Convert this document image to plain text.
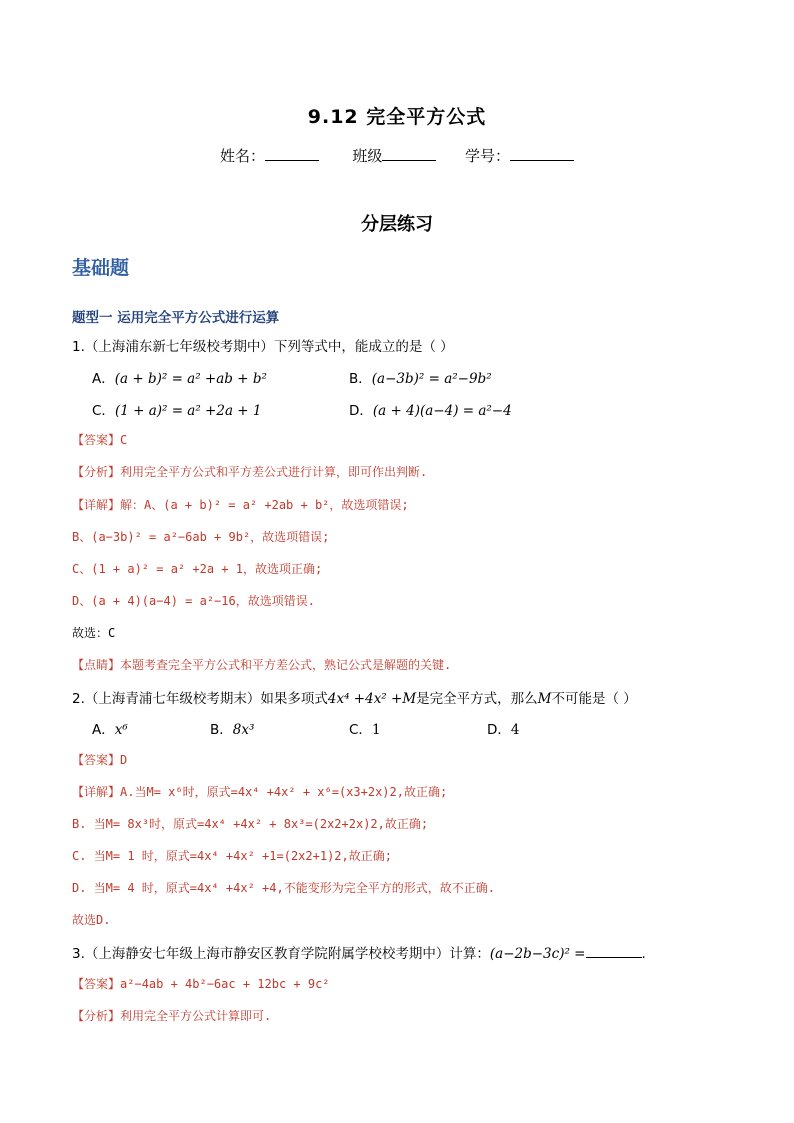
9.12 完全平方公式
姓名：	班级	学号：
分层练习
基础题
题型一 运用完全平方公式进行运算
1.（上海浦东新七年级校考期中）下列等式中，能成立的是（ ）
A．(a + b)² = a² +ab + b²	B．(a−3b)² = a²−9b²
C．(1 + a)² = a² +2a + 1	D．(a + 4)(a−4) = a²−4
【答案】C
【分析】利用完全平方公式和平方差公式进行计算，即可作出判断.
【详解】解：A、(a + b)² = a² +2ab + b²，故选项错误;
B、(a−3b)² = a²−6ab + 9b²，故选项错误;
C、(1 + a)² = a² +2a + 1，故选项正确;
D、(a + 4)(a−4) = a²−16，故选项错误.
故选：C
【点睛】本题考查完全平方公式和平方差公式，熟记公式是解题的关键.
2.（上海青浦七年级校考期末）如果多项式4x⁴ +4x² +M是完全平方式，那么M不可能是（ ）
A．x⁶	B．8x³	C．1	D．4
【答案】D
【详解】A.当M= x⁶时，原式=4x⁴ +4x² + x⁶=(x3+2x)2,故正确;
B. 当M= 8x³时，原式=4x⁴ +4x² + 8x³=(2x2+2x)2,故正确;
C. 当M= 1 时，原式=4x⁴ +4x² +1=(2x2+1)2,故正确;
D. 当M= 4 时，原式=4x⁴ +4x² +4,不能变形为完全平方的形式，故不正确.
故选D.
3.（上海静安七年级上海市静安区教育学院附属学校校考期中）计算：(a−2b−3c)² =	.
【答案】a²−4ab + 4b²−6ac + 12bc + 9c²
【分析】利用完全平方公式计算即可.
